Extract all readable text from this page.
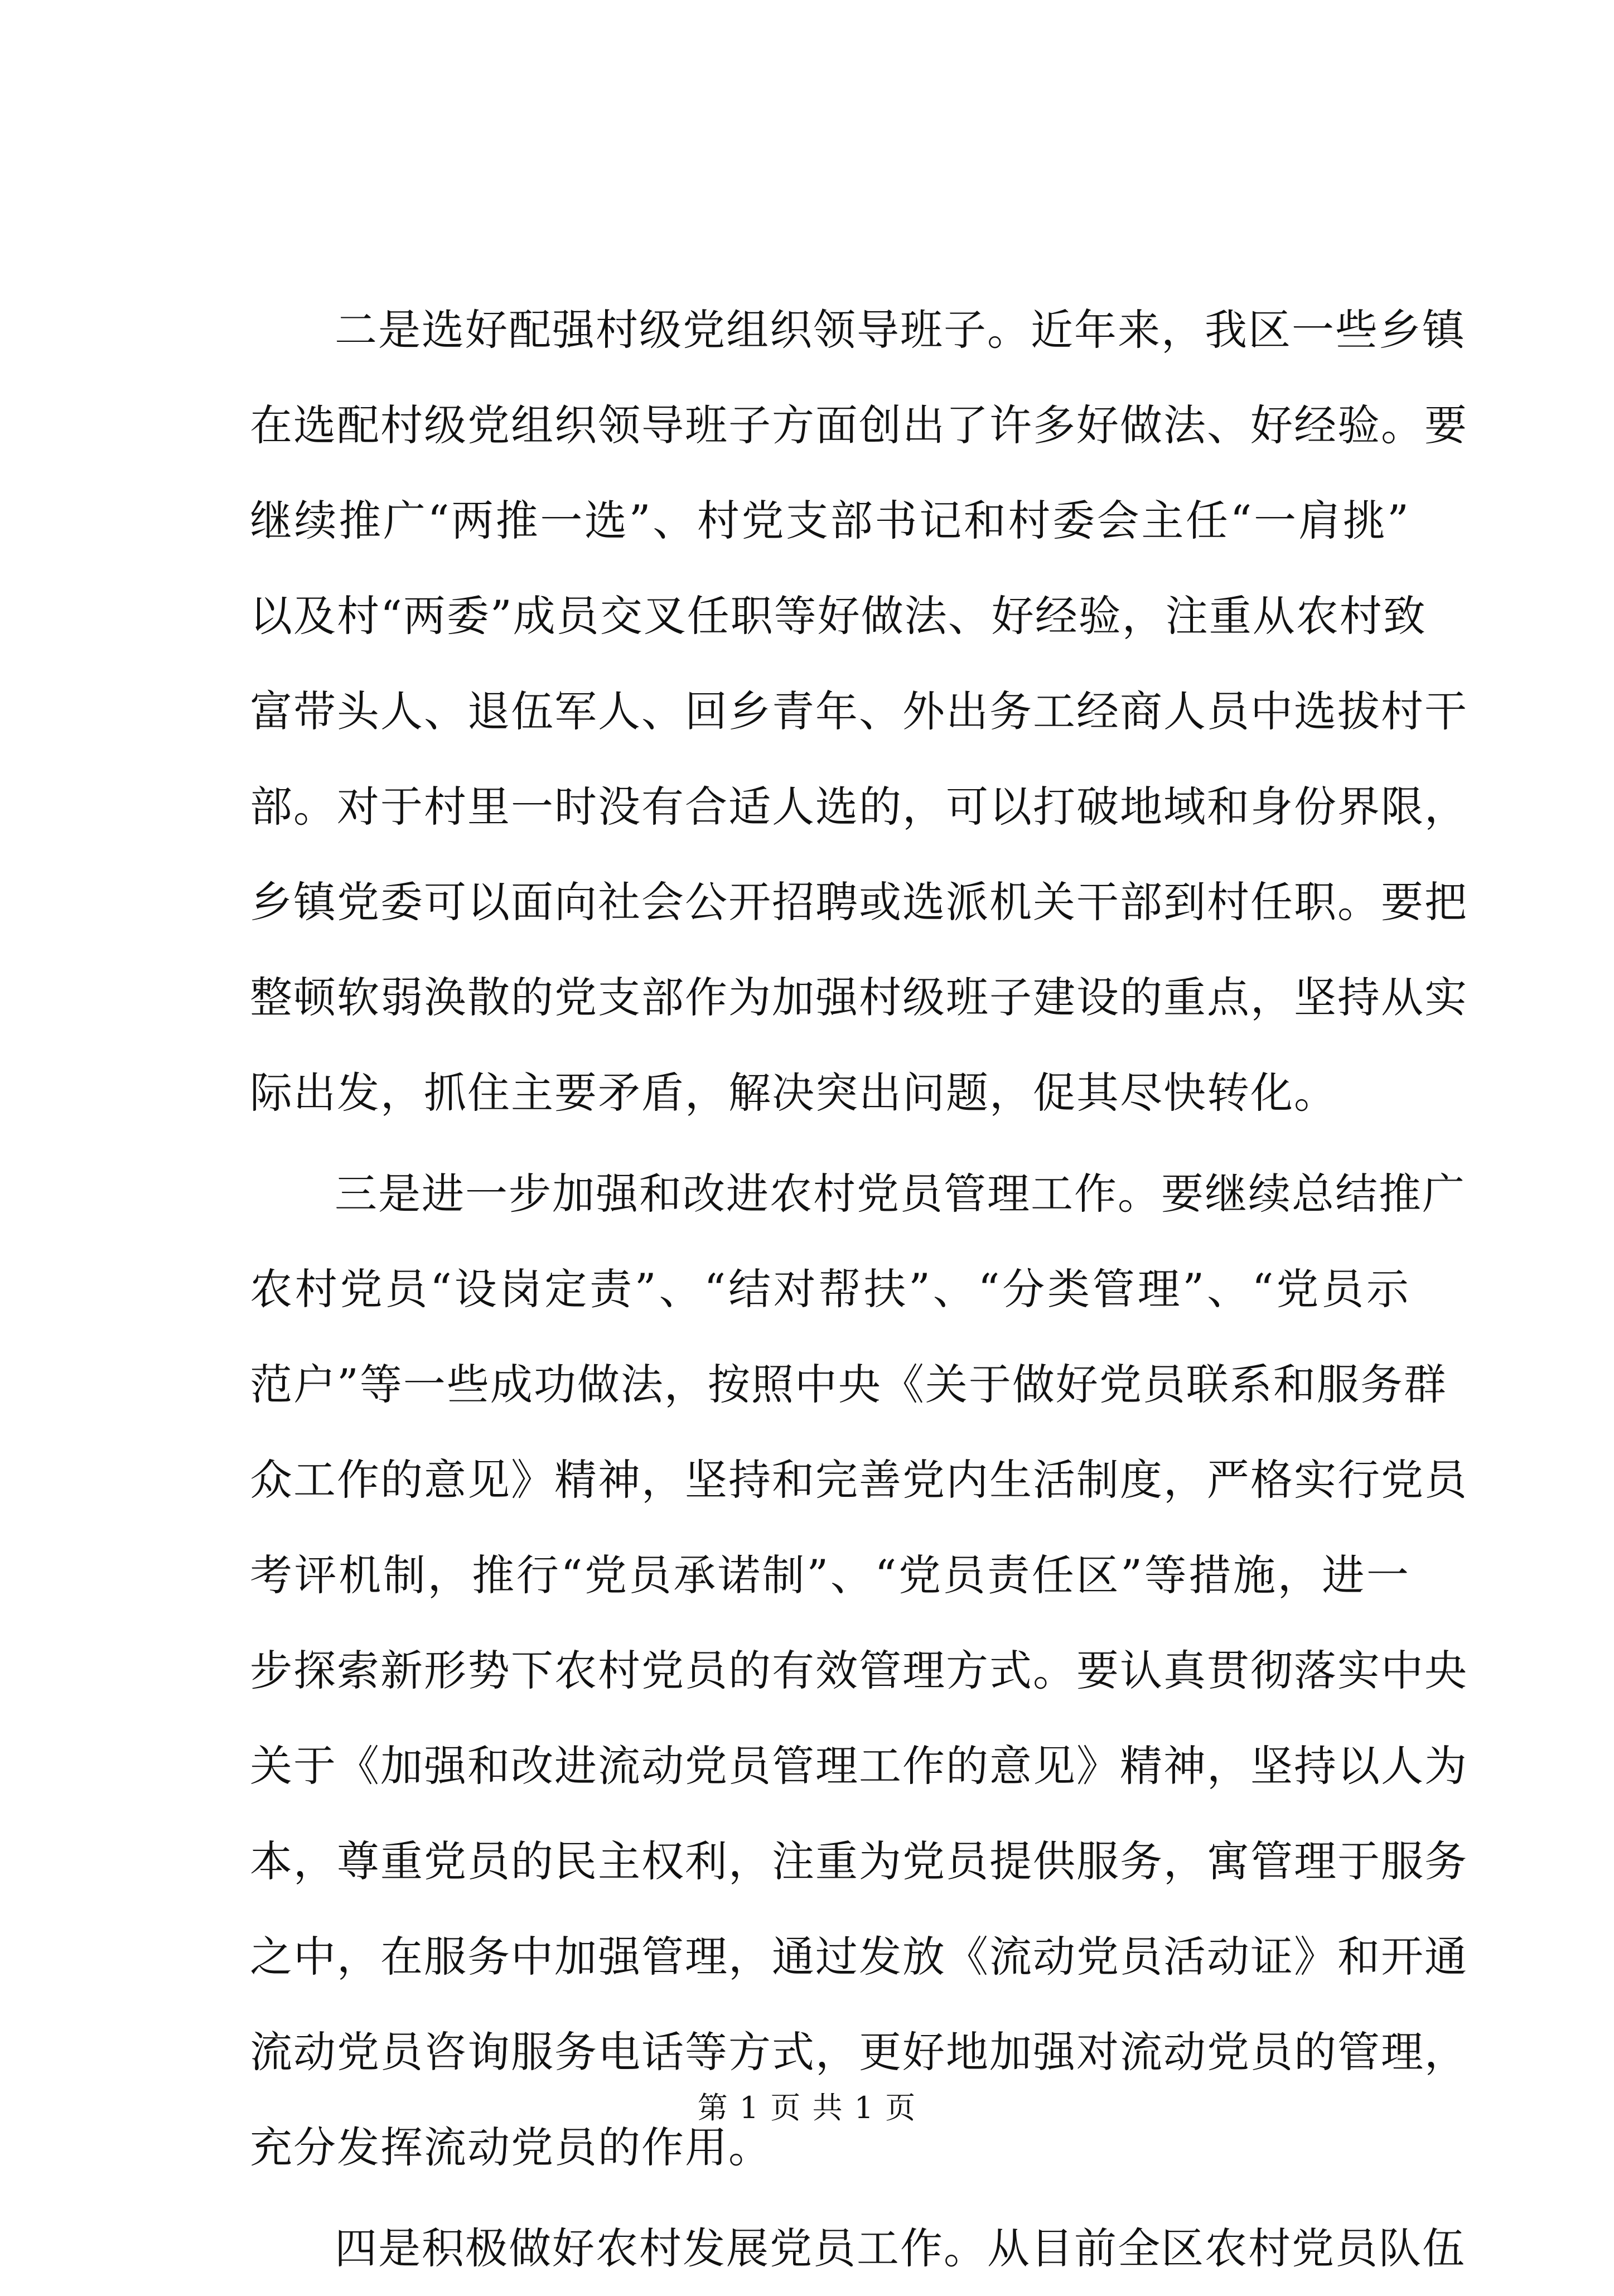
二是选好配强村级党组织领导班子。近年来，我区一些乡镇
在选配村级党组织领导班子方面创出了许多好做法、好经验。要
继续推广“两推一选”、村党支部书记和村委会主任“一肩挑”
以及村“两委”成员交叉任职等好做法、好经验，注重从农村致
富带头人、退伍军人、回乡青年、外出务工经商人员中选拔村干
部。对于村里一时没有合适人选的，可以打破地域和身份界限，
乡镇党委可以面向社会公开招聘或选派机关干部到村任职。要把
整顿软弱涣散的党支部作为加强村级班子建设的重点，坚持从实
际出发，抓住主要矛盾，解决突出问题，促其尽快转化。
三是进一步加强和改进农村党员管理工作。要继续总结推广
农村党员“设岗定责”、“结对帮扶”、“分类管理”、“党员示
范户”等一些成功做法，按照中央《关于做好党员联系和服务群
众工作的意见》精神，坚持和完善党内生活制度，严格实行党员
考评机制，推行“党员承诺制”、“党员责任区”等措施，进一
步探索新形势下农村党员的有效管理方式。要认真贯彻落实中央
关于《加强和改进流动党员管理工作的意见》精神，坚持以人为
本，尊重党员的民主权利，注重为党员提供服务，寓管理于服务
之中，在服务中加强管理，通过发放《流动党员活动证》和开通
流动党员咨询服务电话等方式，更好地加强对流动党员的管理，
充分发挥流动党员的作用。
四是积极做好农村发展党员工作。从目前全区农村党员队伍
第 1 页 共 1 页
